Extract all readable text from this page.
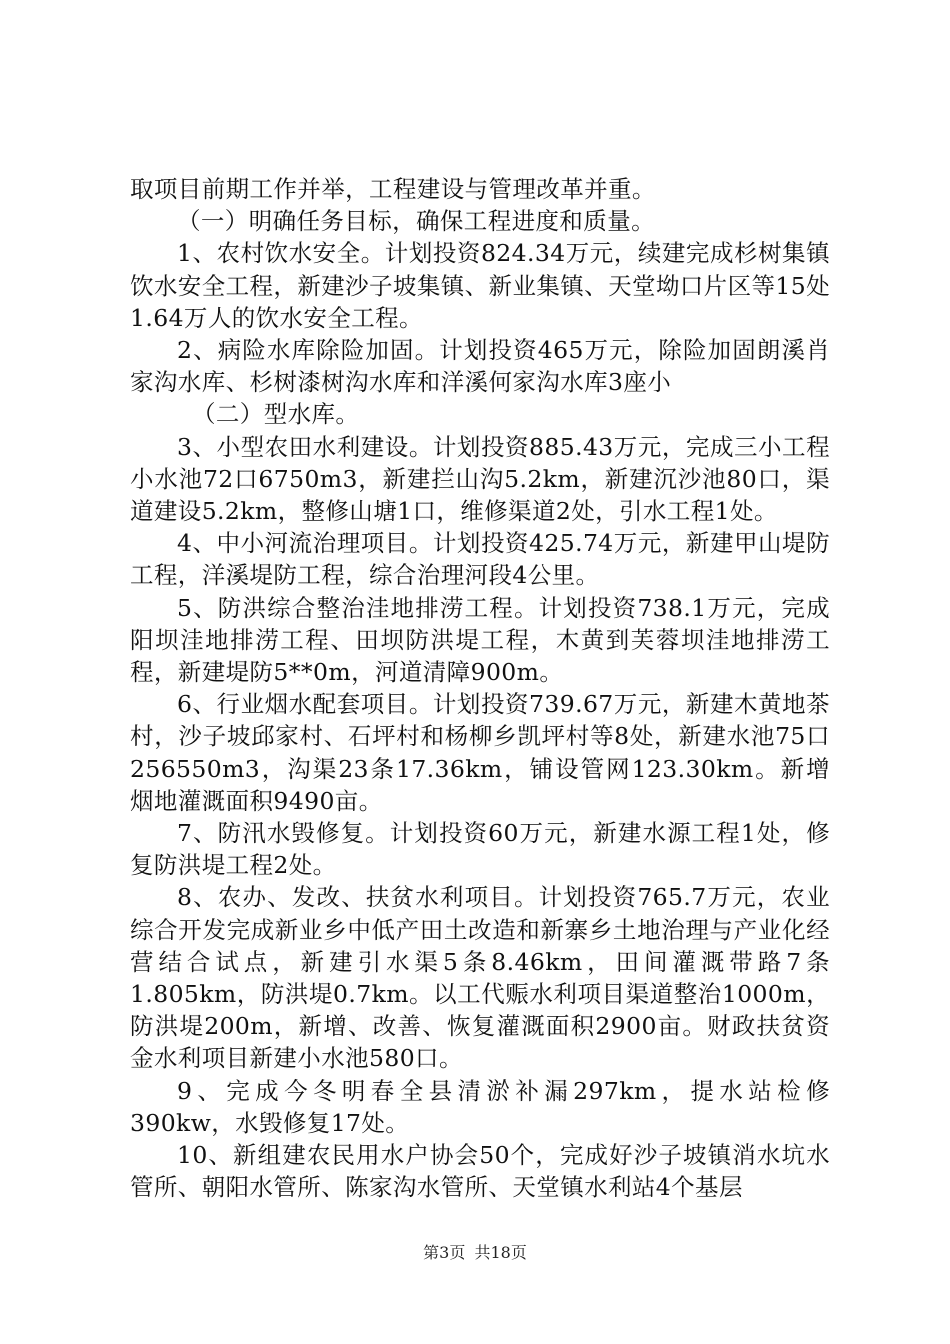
取项目前期工作并举，工程建设与管理改革并重。

（一）明确任务目标，确保工程进度和质量。

1、农村饮水安全。计划投资824.34万元，续建完成杉树集镇饮水安全工程，新建沙子坡集镇、新业集镇、天堂坳口片区等15处1.64万人的饮水安全工程。

2、病险水库除险加固。计划投资465万元，除险加固朗溪肖家沟水库、杉树漆树沟水库和洋溪何家沟水库3座小

（二）型水库。

3、小型农田水利建设。计划投资885.43万元，完成三小工程小水池72口6750m3，新建拦山沟5.2km，新建沉沙池80口，渠道建设5.2km，整修山塘1口，维修渠道2处，引水工程1处。

4、中小河流治理项目。计划投资425.74万元，新建甲山堤防工程，洋溪堤防工程，综合治理河段4公里。

5、防洪综合整治洼地排涝工程。计划投资738.1万元，完成阳坝洼地排涝工程、田坝防洪堤工程，木黄到芙蓉坝洼地排涝工程，新建堤防5**0m，河道清障900m。

6、行业烟水配套项目。计划投资739.67万元，新建木黄地茶村，沙子坡邱家村、石坪村和杨柳乡凯坪村等8处，新建水池75口256550m3，沟渠23条17.36km，铺设管网123.30km。新增烟地灌溉面积9490亩。

7、防汛水毁修复。计划投资60万元，新建水源工程1处，修复防洪堤工程2处。

8、农办、发改、扶贫水利项目。计划投资765.7万元，农业综合开发完成新业乡中低产田土改造和新寨乡土地治理与产业化经营结合试点，新建引水渠5条8.46km，田间灌溉带路7条1.805km，防洪堤0.7km。以工代赈水利项目渠道整治1000m，防洪堤200m，新增、改善、恢复灌溉面积2900亩。财政扶贫资金水利项目新建小水池580口。

9、完成今冬明春全县清淤补漏297km，提水站检修390kw，水毁修复17处。

10、新组建农民用水户协会50个，完成好沙子坡镇消水坑水管所、朝阳水管所、陈家沟水管所、天堂镇水利站4个基层

第3页 共18页
